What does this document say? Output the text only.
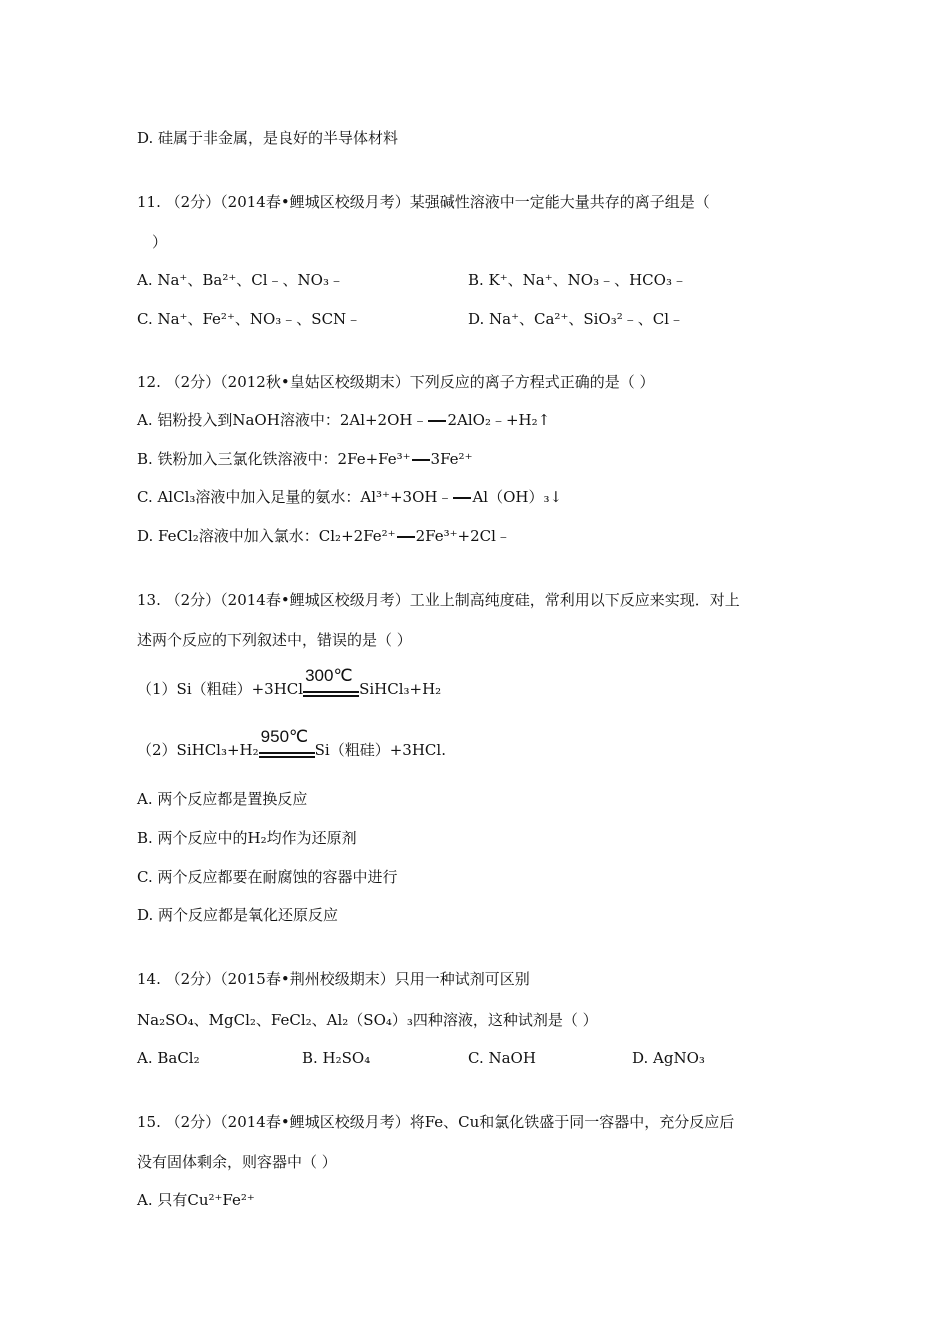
D. 硅属于非金属，是良好的半导体材料
11. （2分）（2014春•鲤城区校级月考）某强碱性溶液中一定能大量共存的离子组是（
）
A. Na⁺、Ba²⁺、Cl﹣、NO₃﹣	B. K⁺、Na⁺、NO₃﹣、HCO₃﹣
C. Na⁺、Fe²⁺、NO₃﹣、SCN﹣	D. Na⁺、Ca²⁺、SiO₃²﹣、Cl﹣
12. （2分）（2012秋•皇姑区校级期末）下列反应的离子方程式正确的是（ ）
A. 铝粉投入到NaOH溶液中：2Al+2OH﹣ 2AlO₂﹣+H₂↑
B. 铁粉加入三氯化铁溶液中：2Fe+Fe³⁺ 3Fe²⁺
C. AlCl₃溶液中加入足量的氨水：Al³⁺+3OH﹣ Al（OH）₃↓
D. FeCl₂溶液中加入氯水：Cl₂+2Fe²⁺ 2Fe³⁺+2Cl﹣
13. （2分）（2014春•鲤城区校级月考）工业上制高纯度硅，常利用以下反应来实现．对上
述两个反应的下列叙述中，错误的是（ ）
（1）Si（粗硅）+3HCl
300℃
SiHCl₃+H₂
（2）SiHCl₃+H₂
950℃
Si（粗硅）+3HCl.
A. 两个反应都是置换反应
B. 两个反应中的H₂均作为还原剂
C. 两个反应都要在耐腐蚀的容器中进行
D. 两个反应都是氧化还原反应
14. （2分）（2015春•荆州校级期末）只用一种试剂可区别
Na₂SO₄、MgCl₂、FeCl₂、Al₂（SO₄）₃四种溶液，这种试剂是（ ）
A. BaCl₂	B. H₂SO₄	C. NaOH	D. AgNO₃
15. （2分）（2014春•鲤城区校级月考）将Fe、Cu和氯化铁盛于同一容器中，充分反应后
没有固体剩余，则容器中（ ）
A. 只有Cu²⁺Fe²⁺
